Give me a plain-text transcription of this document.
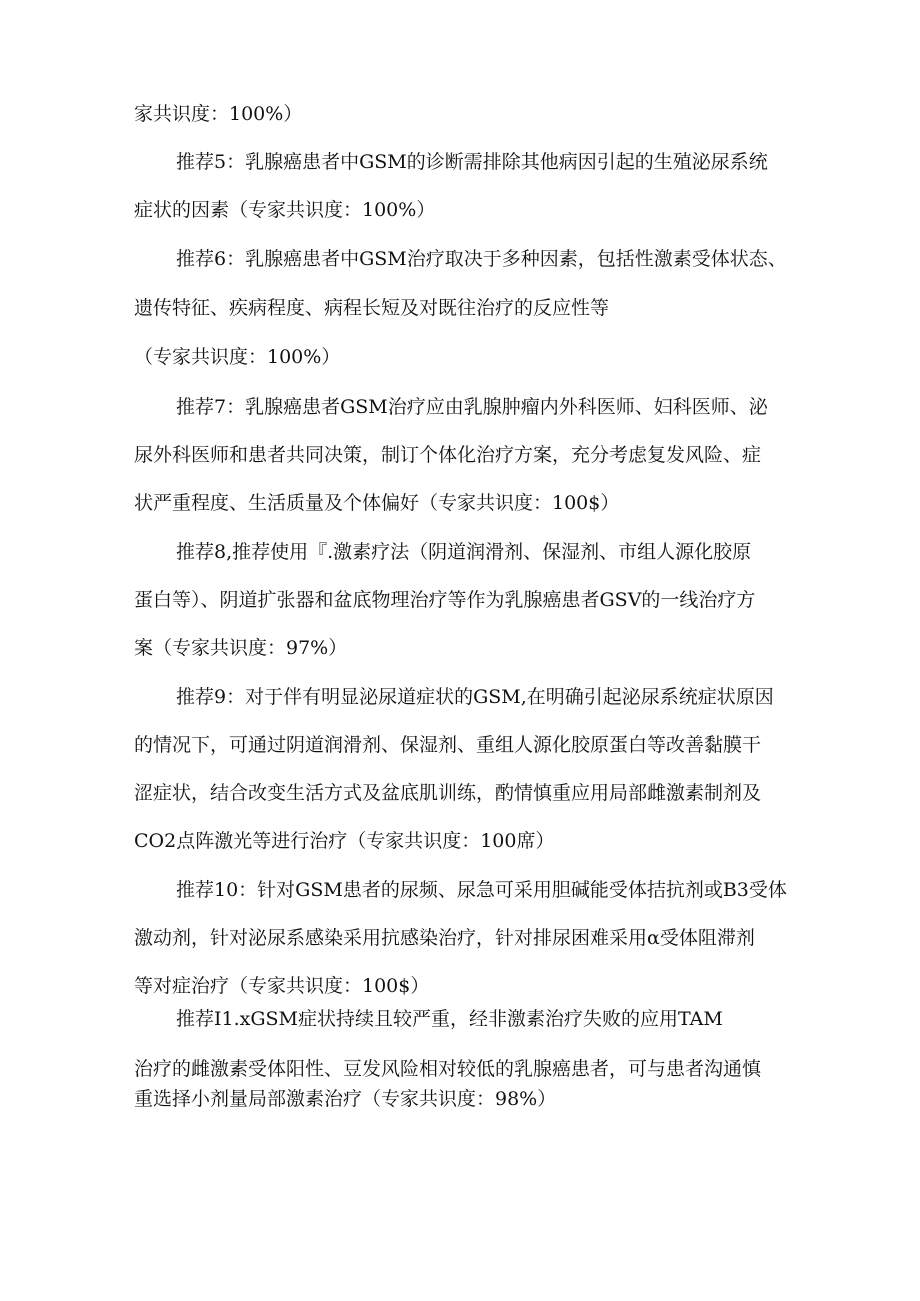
家共识度：100%）
推荐5：乳腺癌患者中GSM的诊断需排除其他病因引起的生殖泌尿系统
症状的因素（专家共识度：100%）
推荐6：乳腺癌患者中GSM治疗取决于多种因素，包括性激素受体状态、
遗传特征、疾病程度、病程长短及对既往治疗的反应性等
（专家共识度：100%）
推荐7：乳腺癌患者GSM治疗应由乳腺肿瘤内外科医师、妇科医师、泌
尿外科医师和患者共同决策，制订个体化治疗方案，充分考虑复发风险、症
状严重程度、生活质量及个体偏好（专家共识度：100$）
推荐8,推荐使用『.激素疗法（阴道润滑剂、保湿剂、市组人源化胶原
蛋白等）、阴道扩张器和盆底物理治疗等作为乳腺癌患者GSV的一线治疗方
案（专家共识度：97%）
推荐9：对于伴有明显泌尿道症状的GSM,在明确引起泌尿系统症状原因
的情况下，可通过阴道润滑剂、保湿剂、重组人源化胶原蛋白等改善黏膜干
涩症状，结合改变生活方式及盆底肌训练，酌情慎重应用局部雌激素制剂及
CO2点阵激光等进行治疗（专家共识度：100席）
推荐10：针对GSM患者的尿频、尿急可采用胆碱能受体拮抗剂或B3受体
激动剂，针对泌尿系感染采用抗感染治疗，针对排尿困难采用α受体阻滞剂
等对症治疗（专家共识度：100$）
推荐I1.xGSM症状持续且较严重，经非激素治疗失败的应用TAM
治疗的雌激素受体阳性、豆发风险相对较低的乳腺癌患者，可与患者沟通慎
重选择小剂量局部激素治疗（专家共识度：98%）
